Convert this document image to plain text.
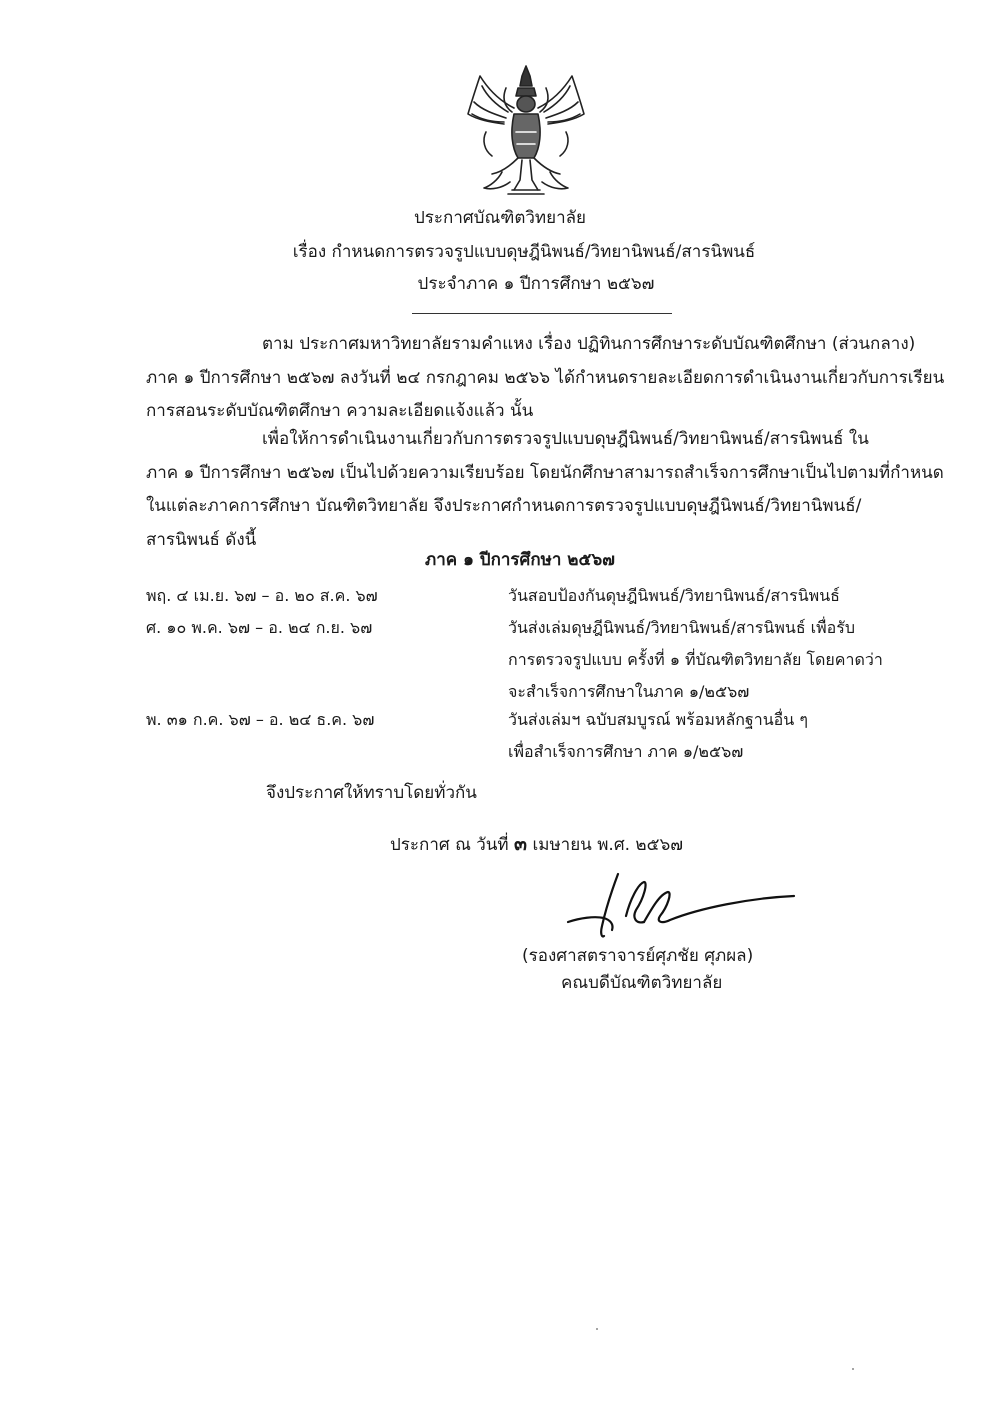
ประกาศบัณฑิตวิทยาลัย
เรื่อง กำหนดการตรวจรูปแบบดุษฎีนิพนธ์/วิทยานิพนธ์/สารนิพนธ์
ประจำภาค ๑ ปีการศึกษา ๒๕๖๗
ตาม ประกาศมหาวิทยาลัยรามคำแหง เรื่อง ปฏิทินการศึกษาระดับบัณฑิตศึกษา (ส่วนกลาง)
ภาค ๑ ปีการศึกษา ๒๕๖๗ ลงวันที่ ๒๔ กรกฎาคม ๒๕๖๖ ได้กำหนดรายละเอียดการดำเนินงานเกี่ยวกับการเรียน
การสอนระดับบัณฑิตศึกษา ความละเอียดแจ้งแล้ว นั้น
เพื่อให้การดำเนินงานเกี่ยวกับการตรวจรูปแบบดุษฎีนิพนธ์/วิทยานิพนธ์/สารนิพนธ์ ใน
ภาค ๑ ปีการศึกษา ๒๕๖๗ เป็นไปด้วยความเรียบร้อย โดยนักศึกษาสามารถสำเร็จการศึกษาเป็นไปตามที่กำหนด
ในแต่ละภาคการศึกษา บัณฑิตวิทยาลัย จึงประกาศกำหนดการตรวจรูปแบบดุษฎีนิพนธ์/วิทยานิพนธ์/
สารนิพนธ์ ดังนี้
ภาค ๑ ปีการศึกษา ๒๕๖๗
พฤ. ๔ เม.ย. ๖๗ – อ. ๒๐ ส.ค. ๖๗	วันสอบป้องกันดุษฎีนิพนธ์/วิทยานิพนธ์/สารนิพนธ์
ศ. ๑๐ พ.ค. ๖๗ – อ. ๒๔ ก.ย. ๖๗	วันส่งเล่มดุษฎีนิพนธ์/วิทยานิพนธ์/สารนิพนธ์ เพื่อรับ
การตรวจรูปแบบ ครั้งที่ ๑ ที่บัณฑิตวิทยาลัย โดยคาดว่า
จะสำเร็จการศึกษาในภาค ๑/๒๕๖๗
พ. ๓๑ ก.ค. ๖๗ – อ. ๒๔ ธ.ค. ๖๗	วันส่งเล่มฯ ฉบับสมบูรณ์ พร้อมหลักฐานอื่น ๆ
เพื่อสำเร็จการศึกษา ภาค ๑/๒๕๖๗
จึงประกาศให้ทราบโดยทั่วกัน
ประกาศ ณ วันที่ ๓ เมษายน พ.ศ. ๒๕๖๗
(รองศาสตราจารย์ศุภชัย ศุภผล)
คณบดีบัณฑิตวิทยาลัย
